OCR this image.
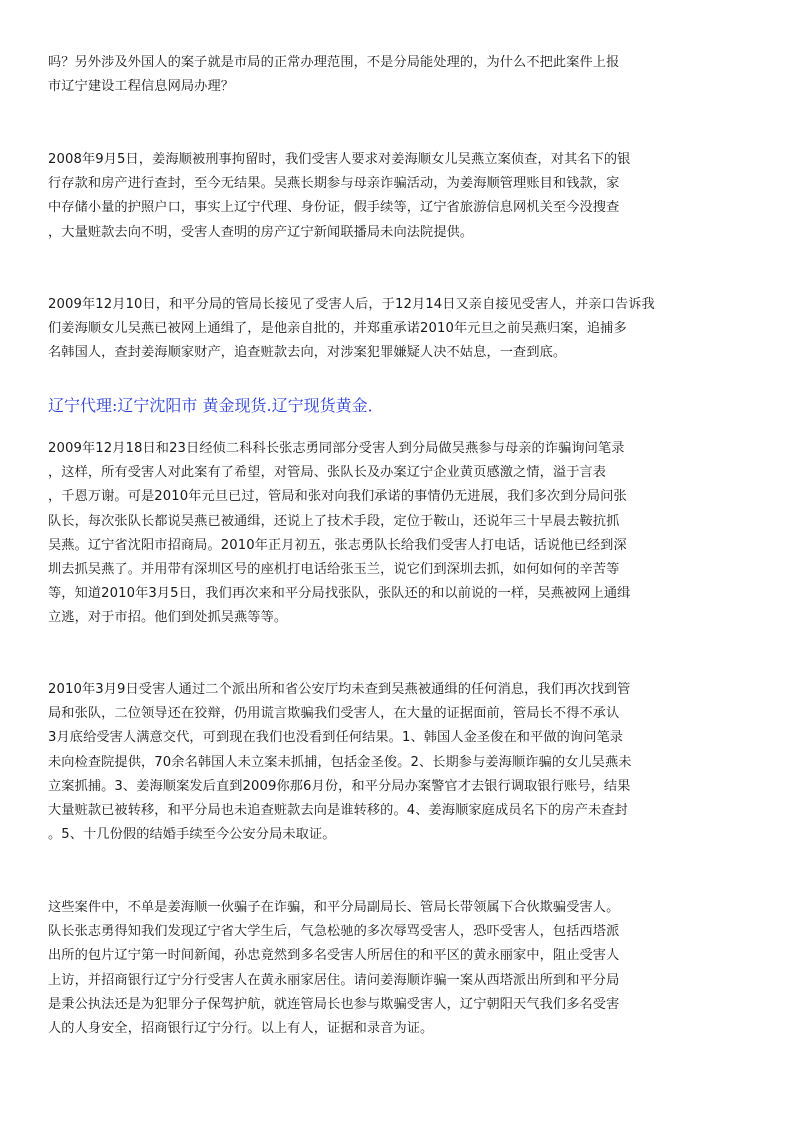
吗？另外涉及外国人的案子就是市局的正常办理范围，不是分局能处理的，为什么不把此案件上报
市辽宁建设工程信息网局办理？
2008年9月5日，姜海顺被刑事拘留时，我们受害人要求对姜海顺女儿吴燕立案侦查，对其名下的银
行存款和房产进行查封，至今无结果。吴燕长期参与母亲诈骗活动，为姜海顺管理账目和钱款，家
中存储小量的护照户口，事实上辽宁代理、身份证，假手续等，辽宁省旅游信息网机关至今没搜查
，大量赃款去向不明，受害人查明的房产辽宁新闻联播局未向法院提供。
2009年12月10日，和平分局的管局长接见了受害人后，于12月14日又亲自接见受害人，并亲口告诉我
们姜海顺女儿吴燕已被网上通缉了，是他亲自批的，并郑重承诺2010年元旦之前吴燕归案，追捕多
名韩国人，查封姜海顺家财产，追查赃款去向，对涉案犯罪嫌疑人决不姑息，一查到底。
辽宁代理:辽宁沈阳市 黄金现货.辽宁现货黄金．
2009年12月18日和23日经侦二科科长张志勇同部分受害人到分局做吴燕参与母亲的诈骗询问笔录
，这样，所有受害人对此案有了希望，对管局、张队长及办案辽宁企业黄页感激之情，溢于言表
，千恩万谢。可是2010年元旦已过，管局和张对向我们承诺的事情仍无进展，我们多次到分局问张
队长，每次张队长都说吴燕已被通缉，还说上了技术手段，定位于鞍山，还说年三十早晨去鞍抗抓
吴燕。辽宁省沈阳市招商局。2010年正月初五，张志勇队长给我们受害人打电话，话说他已经到深
圳去抓吴燕了。并用带有深圳区号的座机打电话给张玉兰，说它们到深圳去抓，如何如何的辛苦等
等，知道2010年3月5日，我们再次来和平分局找张队，张队还的和以前说的一样，吴燕被网上通缉
立逃，对于市招。他们到处抓吴燕等等。
2010年3月9日受害人通过二个派出所和省公安厅均未查到吴燕被通缉的任何消息，我们再次找到管
局和张队，二位领导还在狡辩，仍用谎言欺骗我们受害人，在大量的证据面前，管局长不得不承认
3月底给受害人满意交代，可到现在我们也没看到任何结果。1、韩国人金圣俊在和平做的询问笔录
未向检查院提供，70余名韩国人未立案未抓捕，包括金圣俊。2、长期参与姜海顺诈骗的女儿吴燕未
立案抓捕。3、姜海顺案发后直到2009你那6月份，和平分局办案警官才去银行调取银行账号，结果
大量赃款已被转移，和平分局也未追查赃款去向是谁转移的。4、姜海顺家庭成员名下的房产未查封
。5、十几份假的结婚手续至今公安分局未取证。
这些案件中，不单是姜海顺一伙骗子在诈骗，和平分局副局长、管局长带领属下合伙欺骗受害人。
队长张志勇得知我们发现辽宁省大学生后，气急松驰的多次辱骂受害人，恐吓受害人，包括西塔派
出所的包片辽宁第一时间新闻，孙忠竟然到多名受害人所居住的和平区的黄永丽家中，阻止受害人
上访，并招商银行辽宁分行受害人在黄永丽家居住。请问姜海顺诈骗一案从西塔派出所到和平分局
是秉公执法还是为犯罪分子保驾护航，就连管局长也参与欺骗受害人，辽宁朝阳天气我们多名受害
人的人身安全，招商银行辽宁分行。以上有人，证据和录音为证。
